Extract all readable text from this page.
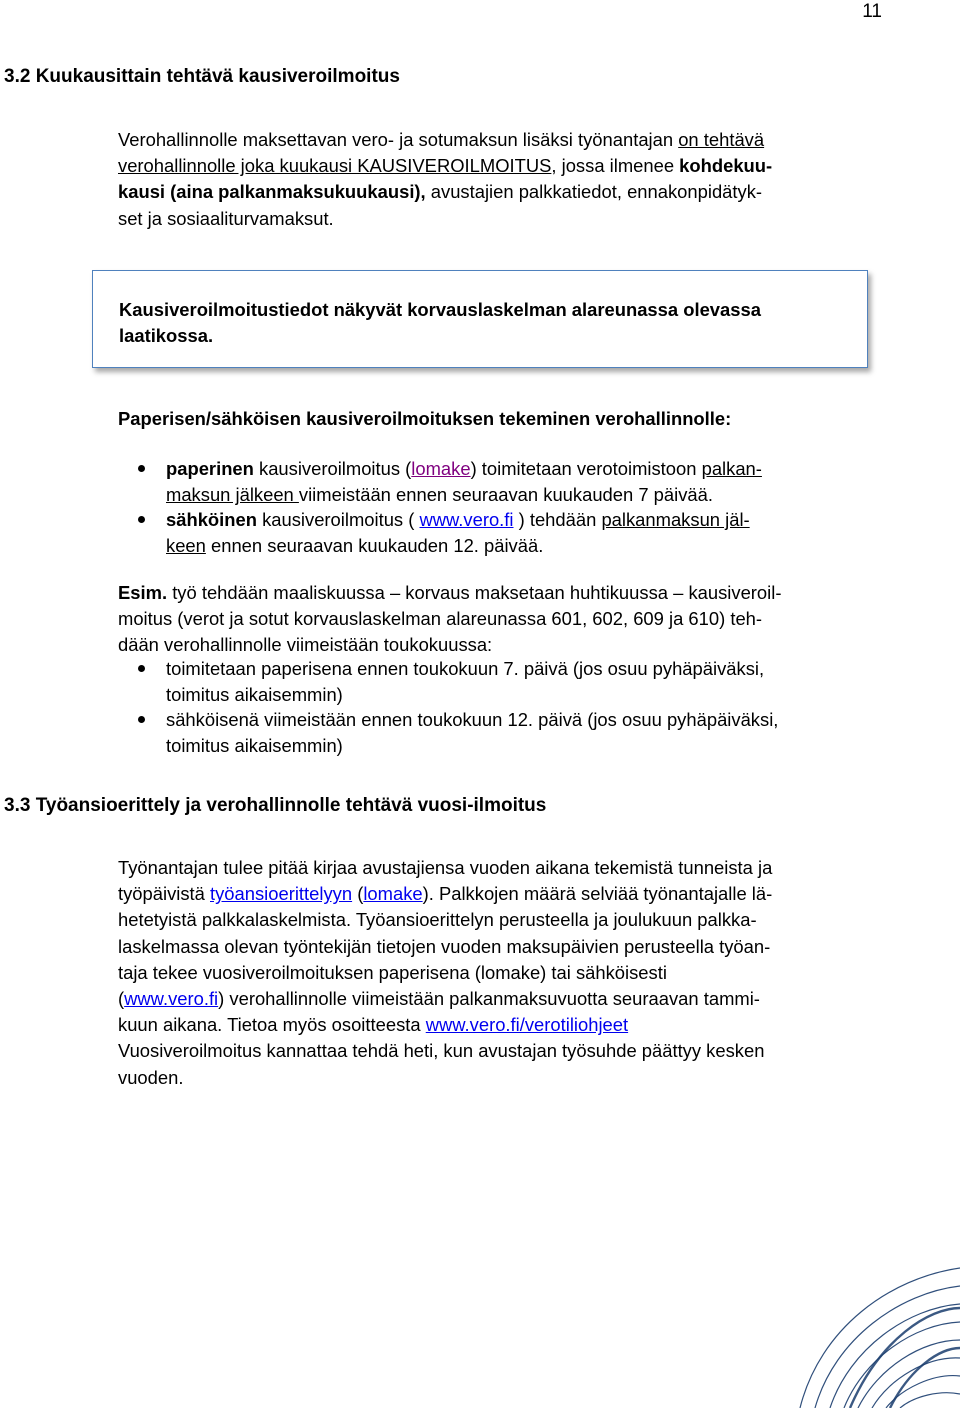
11
3.2 Kuukausittain tehtävä kausiveroilmoitus
Verohallinnolle maksettavan vero- ja sotumaksun lisäksi työnantajan on tehtävä
verohallinnolle joka kuukausi KAUSIVEROILMOITUS, jossa ilmenee kohdekuu-
kausi (aina palkanmaksukuukausi), avustajien palkkatiedot, ennakonpidätyk-
set ja sosiaaliturvamaksut.
Kausiveroilmoitustiedot näkyvät korvauslaskelman alareunassa olevassa
laatikossa.
Paperisen/sähköisen kausiveroilmoituksen tekeminen verohallinnolle:
paperinen kausiveroilmoitus (lomake) toimitetaan verotoimistoon palkan-
maksun jälkeen viimeistään ennen seuraavan kuukauden 7 päivää.
sähköinen kausiveroilmoitus ( www.vero.fi ) tehdään palkanmaksun jäl-
keen ennen seuraavan kuukauden 12. päivää.
Esim. työ tehdään maaliskuussa – korvaus maksetaan huhtikuussa – kausiveroil-
moitus (verot ja sotut korvauslaskelman alareunassa 601, 602, 609 ja 610) teh-
dään verohallinnolle viimeistään toukokuussa:
toimitetaan paperisena ennen toukokuun 7. päivä (jos osuu pyhäpäiväksi,
toimitus aikaisemmin)
sähköisenä viimeistään ennen toukokuun 12. päivä (jos osuu pyhäpäiväksi,
toimitus aikaisemmin)
3.3 Työansioerittely ja verohallinnolle tehtävä vuosi-ilmoitus
Työnantajan tulee pitää kirjaa avustajiensa vuoden aikana tekemistä tunneista ja
työpäivistä työansioerittelyyn (lomake). Palkkojen määrä selviää työnantajalle lä-
hetetyistä palkkalaskelmista. Työansioerittelyn perusteella ja joulukuun palkka-
laskelmassa olevan työntekijän tietojen vuoden maksupäivien perusteella työan-
taja tekee vuosiveroilmoituksen paperisena (lomake) tai sähköisesti
(www.vero.fi) verohallinnolle viimeistään palkanmaksuvuotta seuraavan tammi-
kuun aikana. Tietoa myös osoitteesta www.vero.fi/verotiliohjeet
Vuosiveroilmoitus kannattaa tehdä heti, kun avustajan työsuhde päättyy kesken
vuoden.
